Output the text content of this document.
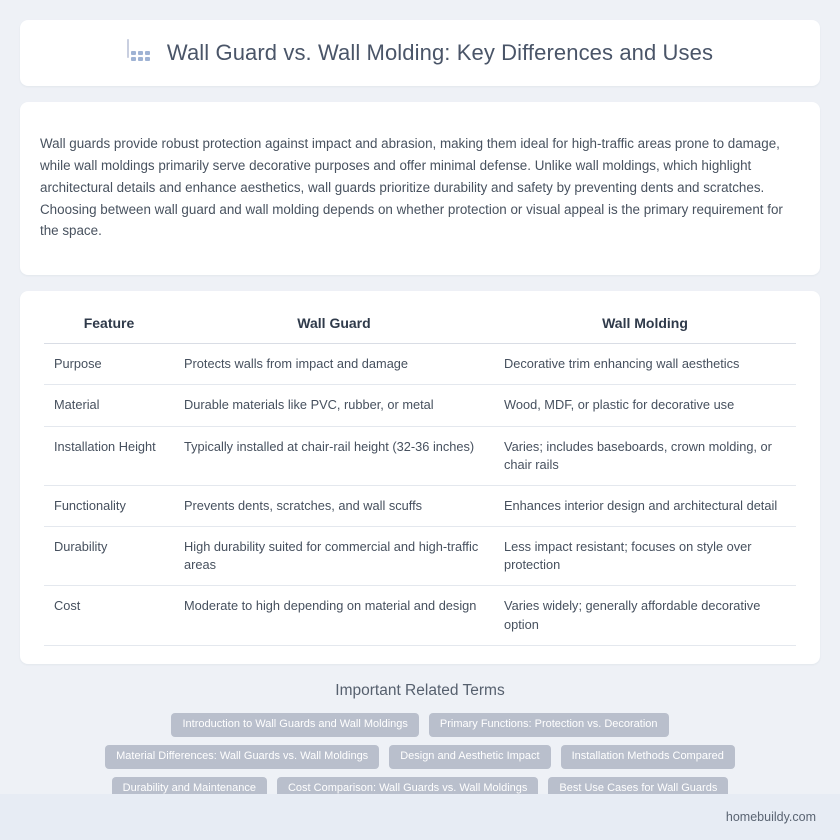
Wall Guard vs. Wall Molding: Key Differences and Uses

Wall guards provide robust protection against impact and abrasion, making them ideal for high-traffic areas prone to damage, while wall moldings primarily serve decorative purposes and offer minimal defense. Unlike wall moldings, which highlight architectural details and enhance aesthetics, wall guards prioritize durability and safety by preventing dents and scratches. Choosing between wall guard and wall molding depends on whether protection or visual appeal is the primary requirement for the space.

Feature	Wall Guard	Wall Molding
Purpose	Protects walls from impact and damage	Decorative trim enhancing wall aesthetics
Material	Durable materials like PVC, rubber, or metal	Wood, MDF, or plastic for decorative use
Installation Height	Typically installed at chair-rail height (32-36 inches)	Varies; includes baseboards, crown molding, or chair rails
Functionality	Prevents dents, scratches, and wall scuffs	Enhances interior design and architectural detail
Durability	High durability suited for commercial and high-traffic areas	Less impact resistant; focuses on style over protection
Cost	Moderate to high depending on material and design	Varies widely; generally affordable decorative option
Important Related Terms
Introduction to Wall Guards and Wall Moldings	Primary Functions: Protection vs. Decoration
Material Differences: Wall Guards vs. Wall Moldings	Design and Aesthetic Impact	Installation Methods Compared
Durability and Maintenance	Cost Comparison: Wall Guards vs. Wall Moldings	Best Use Cases for Wall Guards
homebuildy.com
